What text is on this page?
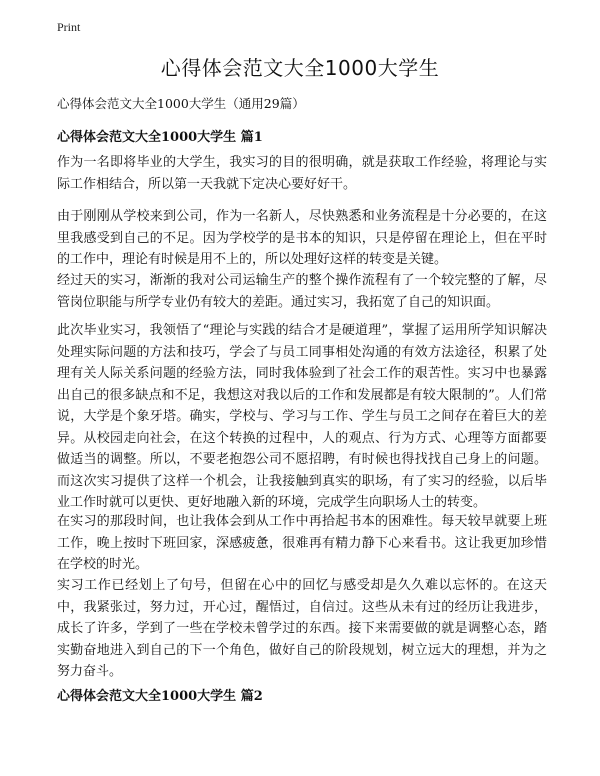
Print
心得体会范文大全1000大学生
心得体会范文大全1000大学生（通用29篇）
心得体会范文大全1000大学生 篇1

作为一名即将毕业的大学生，我实习的目的很明确，就是获取工作经验，将理论与实际工作相结合，所以第一天我就下定决心要好好干。

由于刚刚从学校来到公司，作为一名新人，尽快熟悉和业务流程是十分必要的，在这里我感受到自己的不足。因为学校学的是书本的知识，只是停留在理论上，但在平时的工作中，理论有时候是用不上的，所以处理好这样的转变是关键。

经过天的实习，渐渐的我对公司运输生产的整个操作流程有了一个较完整的了解，尽管岗位职能与所学专业仍有较大的差距。通过实习，我拓宽了自己的知识面。

此次毕业实习，我领悟了“理论与实践的结合才是硬道理”，掌握了运用所学知识解决处理实际问题的方法和技巧，学会了与员工同事相处沟通的有效方法途径，积累了处理有关人际关系问题的经验方法，同时我体验到了社会工作的艰苦性。实习中也暴露出自己的很多缺点和不足，我想这对我以后的工作和发展都是有较大限制的”。人们常说，大学是个象牙塔。确实，学校与、学习与工作、学生与员工之间存在着巨大的差异。从校园走向社会，在这个转换的过程中，人的观点、行为方式、心理等方面都要做适当的调整。所以，不要老抱怨公司不愿招聘，有时候也得找找自己身上的问题。而这次实习提供了这样一个机会，让我接触到真实的职场，有了实习的经验，以后毕业工作时就可以更快、更好地融入新的环境，完成学生向职场人士的转变。

在实习的那段时间，也让我体会到从工作中再拾起书本的困难性。每天较早就要上班工作，晚上按时下班回家，深感疲惫，很难再有精力静下心来看书。这让我更加珍惜在学校的时光。

实习工作已经划上了句号，但留在心中的回忆与感受却是久久难以忘怀的。在这天中，我紧张过，努力过，开心过，醒悟过，自信过。这些从未有过的经历让我进步，成长了许多，学到了一些在学校未曾学过的东西。接下来需要做的就是调整心态，踏实勤奋地进入到自己的下一个角色，做好自己的阶段规划，树立远大的理想，并为之努力奋斗。

心得体会范文大全1000大学生 篇2
